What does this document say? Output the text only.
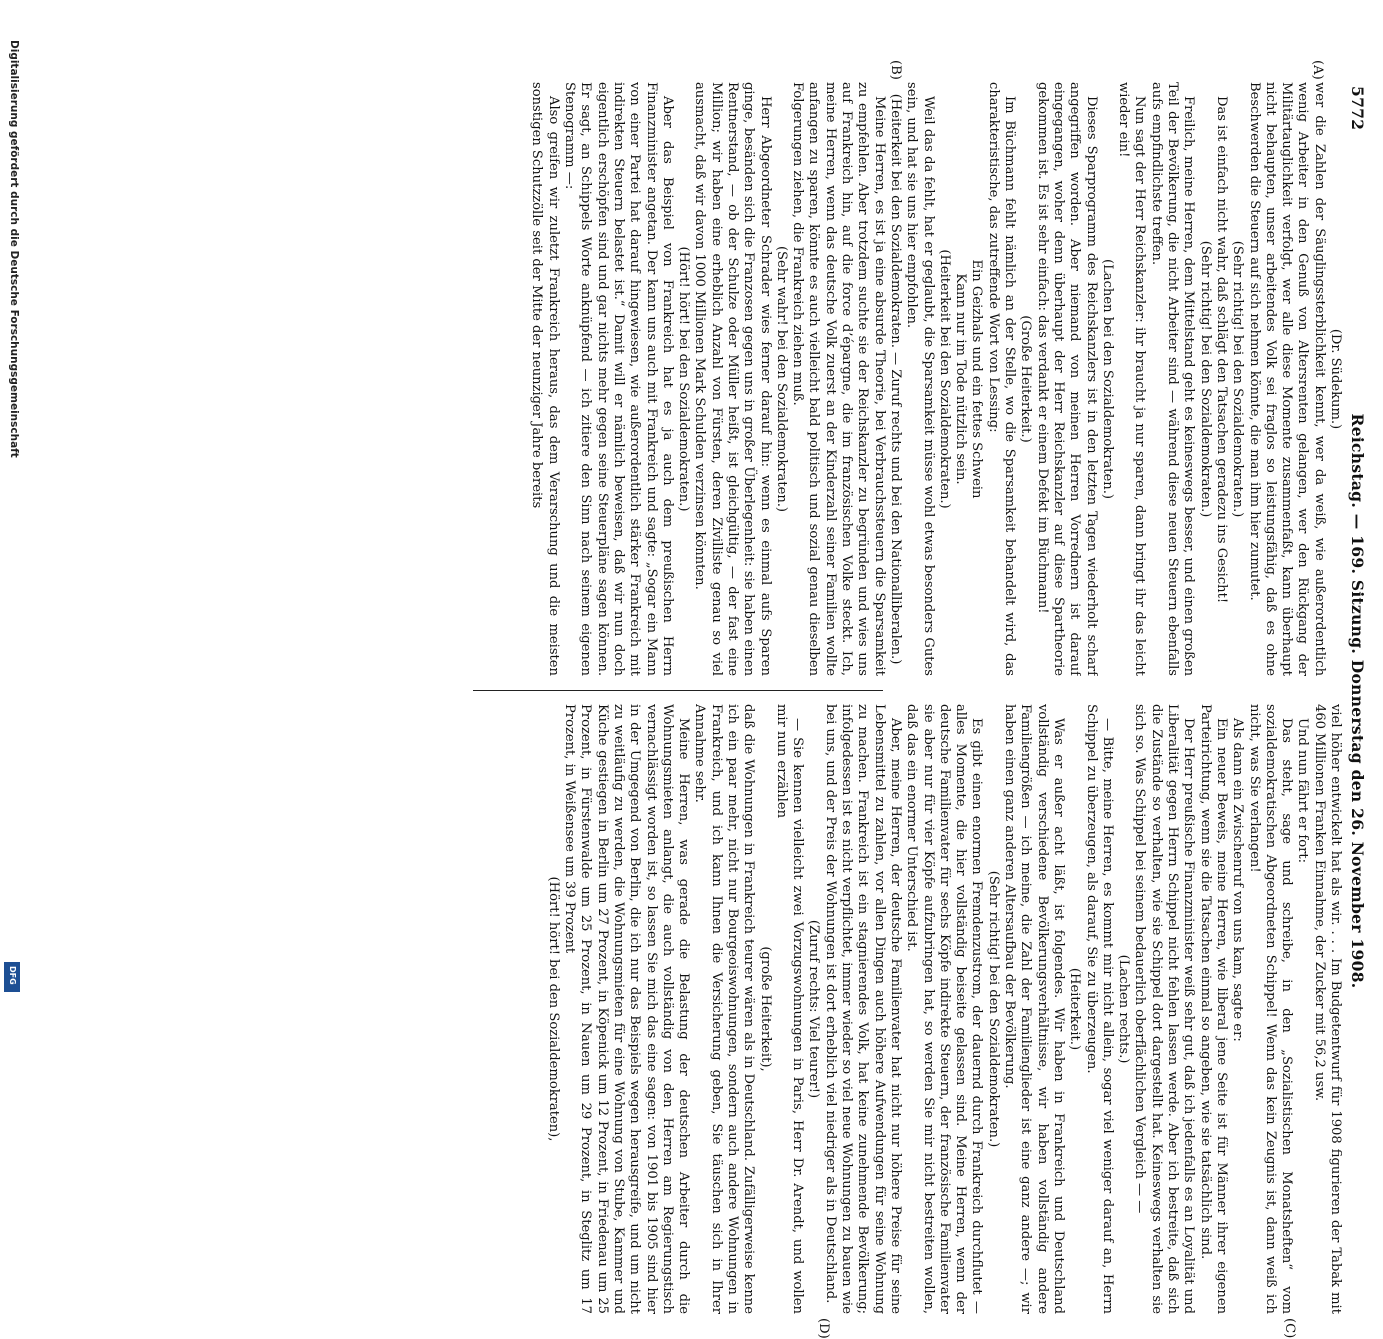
5772
Reichstag. — 169. Sitzung. Donnerstag den 26. November 1908.
(A)
(B)
(C)
(D)

(Dr. Südekum.)

wer die Zahlen der Säuglingssterblichkeit kennt, wer da weiß, wie außerordentlich wenig Arbeiter in den Genuß von Altersrenten gelangen, wer den Rückgang der Militärtauglichkeit verfolgt, wer alle diese Momente zusammenfaßt, kann überhaupt nicht behaupten, unser arbeitendes Volk sei fraglos so leistungsfähig, daß es ohne Beschwerden die Steuern auf sich nehmen könnte, die man ihm hier zumutet.

(Sehr richtig! bei den Sozialdemokraten.)

Das ist einfach nicht wahr, daß schlägt den Tatsachen geradezu ins Gesicht!

(Sehr richtig! bei den Sozialdemokraten.)

Freilich, meine Herren, dem Mittelstand geht es keineswegs besser, und einen großen Teil der Bevölkerung, die nicht Arbeiter sind — während diese neuen Steuern ebenfalls aufs empfindlichste treffen.

Nun sagt der Herr Reichskanzler: ihr braucht ja nur sparen, dann bringt ihr das leicht wieder ein!

(Lachen bei den Sozialdemokraten.)

Dieses Sparprogramm des Reichskanzlers ist in den letzten Tagen wiederholt scharf angegriffen worden. Aber niemand von meinen Herren Vorrednern ist darauf eingegangen, woher denn überhaupt der Herr Reichskanzler auf diese Spartheorie gekommen ist. Es ist sehr einfach: das verdankt er einem Defekt im Büchmann!

(Große Heiterkeit.)

Im Büchmann fehlt nämlich an der Stelle, wo die Sparsamkeit behandelt wird, das charakteristische, das zutreffende Wort von Lessing:

Ein Geizhals und ein fettes Schwein

Kann nur im Tode nützlich sein.

(Heiterkeit bei den Sozialdemokraten.)

Weil das da fehlt, hat er geglaubt, die Sparsamkeit müsse wohl etwas besonders Gutes sein, und hat sie uns hier empfohlen.

(Heiterkeit bei den Sozialdemokraten. — Zuruf rechts und bei den Nationalliberalen.)

Meine Herren, es ist ja eine absurde Theorie, bei Verbrauchssteuern die Sparsamkeit zu empfehlen. Aber trotzdem suchte sie der Reichskanzler zu begründen und wies uns auf Frankreich hin, auf die force d’épargne, die im französischen Volke steckt. Ich, meine Herren, wenn das deutsche Volk zuerst an der Kinderzahl seiner Familien wollte anfangen zu sparen, könnte es auch vielleicht bald politisch und sozial genau dieselben Folgerungen ziehen, die Frankreich ziehen muß.

(Sehr wahr! bei den Sozialdemokraten.)

Herr Abgeordneter Schrader wies ferner darauf hin: wenn es einmal aufs Sparen ginge, besänden sich die Franzosen gegen uns in großer Überlegenheit: sie haben einen Rentnerstand, — ob der Schulze oder Müller heißt, ist gleichgültig, — der fast eine Million; wir haben eine erheblich Anzahl von Fürsten, deren Zivilliste genau so viel ausmacht, daß wir davon 1000 Millionen Mark Schulden verzinsen könnten.

(Hört! hört! bei den Sozialdemokraten.)

Aber das Beispiel von Frankreich hat es ja auch dem preußischen Herrn Finanzminister angetan. Der kann uns auch mit Frankreich und sagte: „Sogar ein Mann von einer Partei hat darauf hingewiesen, wie außerordentlich stärker Frankreich mit indirekten Steuern belastet ist.“ Damit will er nämlich beweisen, daß wir nun doch eigentlich erschöpfen sind und gar nichts mehr gegen seine Steuerpläne sagen können. Er sagt, an Schippels Worte anknüpfend — ich zitiere den Sinn nach seinem eigenen Stenogramm —:

Also greifen wir zuletzt Frankreich heraus, das dem Verarschung und die meisten sonstigen Schutzzölle seit der Mitte der neunziger Jahre bereits

viel höher entwickelt hat als wir. . . . Im Budgetentwurf für 1908 figurieren der Tabak mit 460 Millionen Franken Einnahme, der Zucker mit 56,2 usw.

Und nun fährt er fort:

Das steht, sage und schreibe, in den „Sozialistischen Monatsheften“ vom sozialdemokratischen Abgeordneten Schippel! Wenn das kein Zeugnis ist, dann weiß ich nicht, was Sie verlangen!

Als dann ein Zwischenruf von uns kam, sagte er:

Ein neuer Beweis, meine Herren, wie liberal jene Seite ist für Männer ihrer eigenen Parteirichtung, wenn sie die Tatsachen einmal so angeben, wie sie tatsächlich sind.

Der Herr preußische Finanzminister weiß sehr gut, daß ich jedenfalls es an Loyalität und Liberalität gegen Herrn Schippel nicht fehlen lassen werde. Aber ich bestreite, daß sich die Zustände so verhalten, wie sie Schippel dort dargestellt hat. Keineswegs verhalten sie sich so. Was Schippel bei seinem bedauerlich oberflächlichen Vergleich — —

(Lachen rechts.)

— Bitte, meine Herren, es kommt mir nicht allein, sogar viel weniger darauf an, Herrn Schippel zu überzeugen, als darauf, Sie zu überzeugen.

(Heiterkeit.)

Was er außer acht läßt, ist folgendes. Wir haben in Frankreich und Deutschland vollständig verschiedene Bevölkerungsverhältnisse, wir haben vollständig andere Familiengrößen — ich meine, die Zahl der Familienglieder ist eine ganz andere —; wir haben einen ganz anderen Altersaufbau der Bevölkerung.

(Sehr richtig! bei den Sozialdemokraten.)

Es gibt einen enormen Fremdenzustrom, der dauernd durch Frankreich durchflutet — alles Momente, die hier vollständig beiseite gelassen sind. Meine Herren, wenn der deutsche Familienvater für sechs Köpfe indirekte Steuern, der französische Familienvater sie aber nur für vier Köpfe aufzubringen hat, so werden Sie mir nicht bestreiten wollen, daß das ein enormer Unterschied ist.

Aber, meine Herren, der deutsche Familienvater hat nicht nur höhere Preise für seine Lebensmittel zu zahlen, vor allen Dingen auch höhere Aufwendungen für seine Wohnung zu machen. Frankreich ist ein stagnierendes Volk, hat keine zunehmende Bevölkerung; infolgedessen ist es nicht verpflichtet, immer wieder so viel neue Wohnungen zu bauen wie bei uns, und der Preis der Wohnungen ist dort erheblich viel niedriger als in Deutschland.

(Zuruf rechts: Viel teurer!)

— Sie kennen vielleicht zwei Vorzugswohnungen in Paris, Herr Dr. Arendt, und wollen mir nun erzählen

(große Heiterkeit),

daß die Wohnungen in Frankreich teurer wären als in Deutschland. Zufälligerweise kenne ich ein paar mehr, nicht nur Bourgeoiswohnungen, sondern auch andere Wohnungen in Frankreich, und ich kann Ihnen die Versicherung geben, Sie täuschen sich in Ihrer Annahme sehr.

Meine Herren, was gerade die Belastung der deutschen Arbeiter durch die Wohnungsmieten anlangt, die auch vollständig von den Herren am Regierungstisch vernachlässigt worden ist, so lassen Sie mich das eine sagen: von 1901 bis 1905 sind hier in der Umgegend von Berlin, die ich nur das Beispiels wegen herausgreife, und um nicht zu weitläufig zu werden, die Wohnungsmieten für eine Wohnung von Stube, Kammer und Küche gestiegen in Berlin um 27 Prozent, in Köpenick um 12 Prozent, in Friedenau um 25 Prozent, in Fürstenwalde um 25 Prozent, in Nauen um 29 Prozent, in Steglitz um 17 Prozent, in Weißensee um 39 Prozent

(Hört! hört! bei den Sozialdemokraten),
Digitalisierung gefördert durch die Deutsche Forschungsgemeinschaft
DFG
